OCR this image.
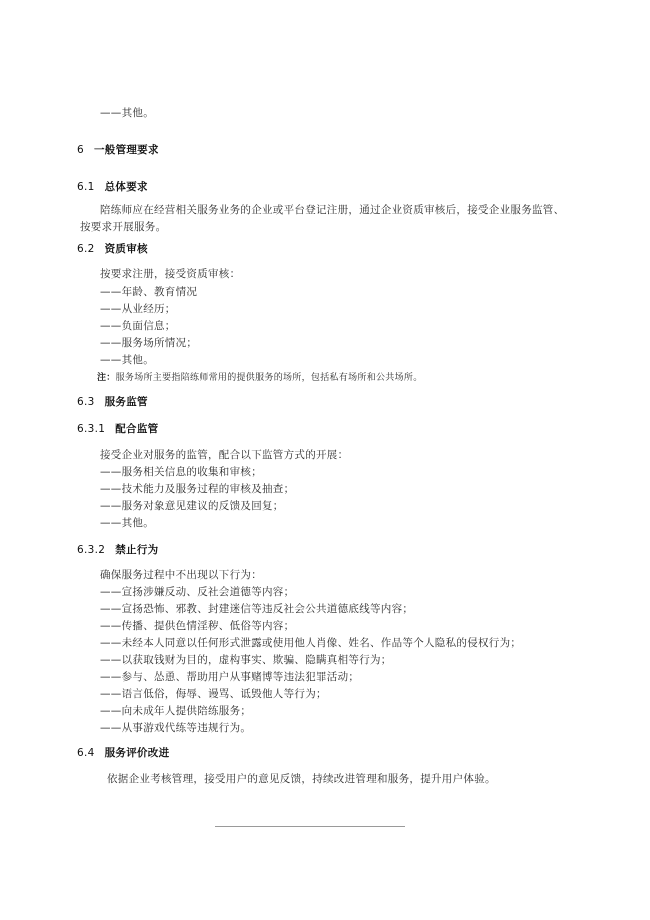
——其他。
6 一般管理要求
6.1 总体要求
陪练师应在经营相关服务业务的企业或平台登记注册，通过企业资质审核后，接受企业服务监管、
按要求开展服务。
6.2 资质审核
按要求注册，接受资质审核：
——年龄、教育情况
——从业经历；
——负面信息；
——服务场所情况；
——其他。
注：服务场所主要指陪练师常用的提供服务的场所，包括私有场所和公共场所。
6.3 服务监管
6.3.1 配合监管
接受企业对服务的监管，配合以下监管方式的开展：
——服务相关信息的收集和审核；
——技术能力及服务过程的审核及抽查；
——服务对象意见建议的反馈及回复；
——其他。
6.3.2 禁止行为
确保服务过程中不出现以下行为：
——宣扬涉嫌反动、反社会道德等内容；
——宣扬恐怖、邪教、封建迷信等违反社会公共道德底线等内容；
——传播、提供色情淫秽、低俗等内容；
——未经本人同意以任何形式泄露或使用他人肖像、姓名、作品等个人隐私的侵权行为；
——以获取钱财为目的，虚构事实、欺骗、隐瞒真相等行为；
——参与、怂恿、帮助用户从事赌博等违法犯罪活动；
——语言低俗，侮辱、谩骂、诋毁他人等行为；
——向未成年人提供陪练服务；
——从事游戏代练等违规行为。
6.4 服务评价改进
依据企业考核管理，接受用户的意见反馈，持续改进管理和服务，提升用户体验。
